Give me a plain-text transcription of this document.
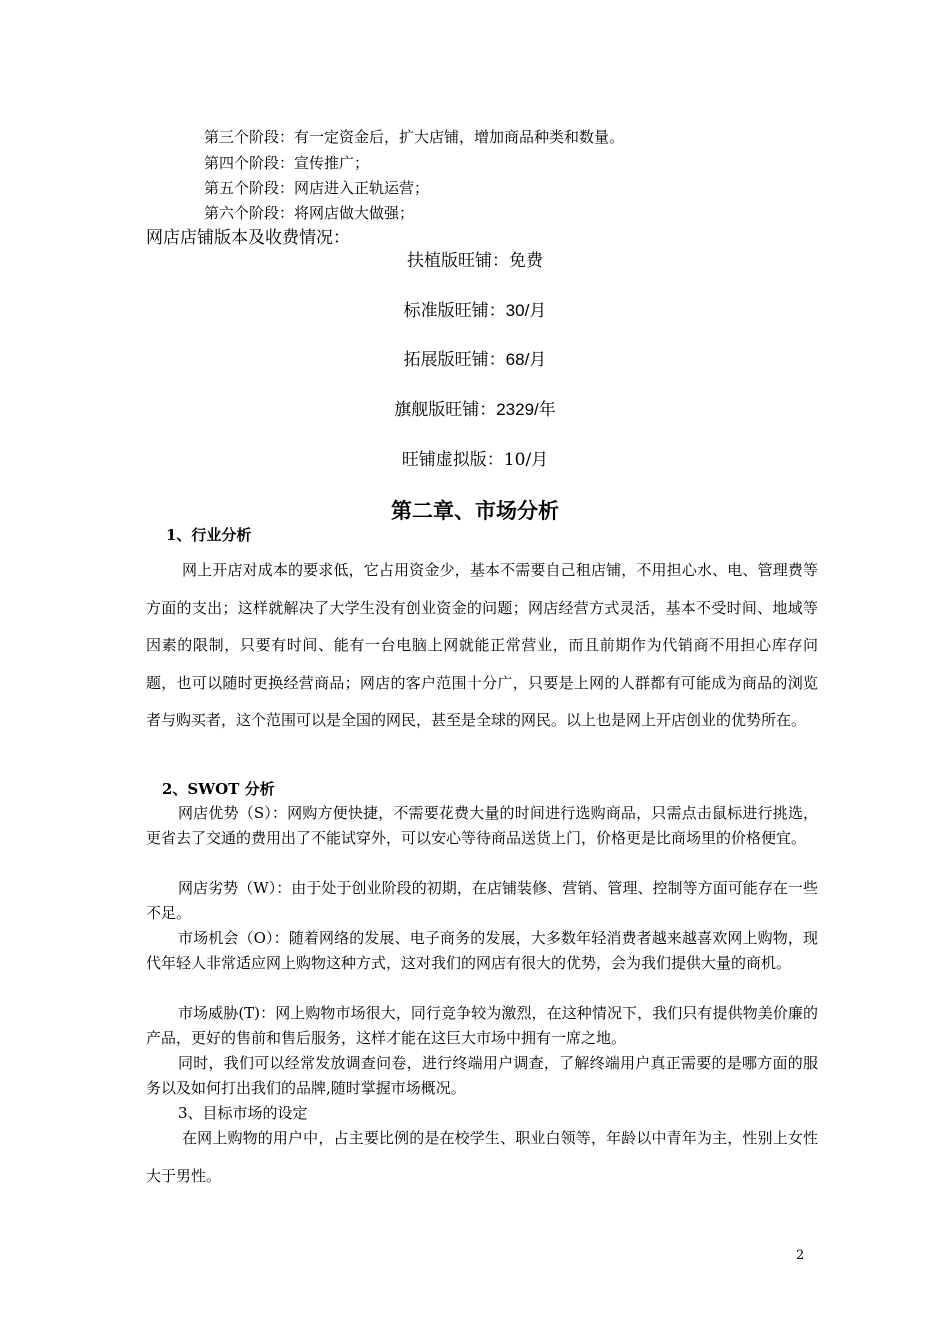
第三个阶段：有一定资金后，扩大店铺，增加商品种类和数量。
第四个阶段：宣传推广；
第五个阶段：网店进入正轨运营；
第六个阶段：将网店做大做强；
网店店铺版本及收费情况：
扶植版旺铺：免费
标准版旺铺：30/月
拓展版旺铺：68/月
旗舰版旺铺：2329/年
旺铺虚拟版：10/月
第二章、市场分析
1、行业分析
网上开店对成本的要求低，它占用资金少，基本不需要自己租店铺，不用担心水、电、管理费等方面的支出；这样就解决了大学生没有创业资金的问题；网店经营方式灵活，基本不受时间、地域等因素的限制，只要有时间、能有一台电脑上网就能正常营业，而且前期作为代销商不用担心库存问题，也可以随时更换经营商品；网店的客户范围十分广，只要是上网的人群都有可能成为商品的浏览者与购买者，这个范围可以是全国的网民，甚至是全球的网民。以上也是网上开店创业的优势所在。
2、SWOT 分析
网店优势（S）：网购方便快捷，不需要花费大量的时间进行选购商品，只需点击鼠标进行挑选，更省去了交通的费用出了不能试穿外，可以安心等待商品送货上门，价格更是比商场里的价格便宜。
网店劣势（W）：由于处于创业阶段的初期，在店铺装修、营销、管理、控制等方面可能存在一些不足。
市场机会（O）：随着网络的发展、电子商务的发展，大多数年轻消费者越来越喜欢网上购物，现代年轻人非常适应网上购物这种方式，这对我们的网店有很大的优势，会为我们提供大量的商机。
市场威胁(T)：网上购物市场很大，同行竞争较为激烈，在这种情况下，我们只有提供物美价廉的产品，更好的售前和售后服务，这样才能在这巨大市场中拥有一席之地。
同时，我们可以经常发放调查问卷，进行终端用户调查，了解终端用户真正需要的是哪方面的服务以及如何打出我们的品牌,随时掌握市场概况。
3、目标市场的设定
在网上购物的用户中，占主要比例的是在校学生、职业白领等，年龄以中青年为主，性别上女性大于男性。
2
